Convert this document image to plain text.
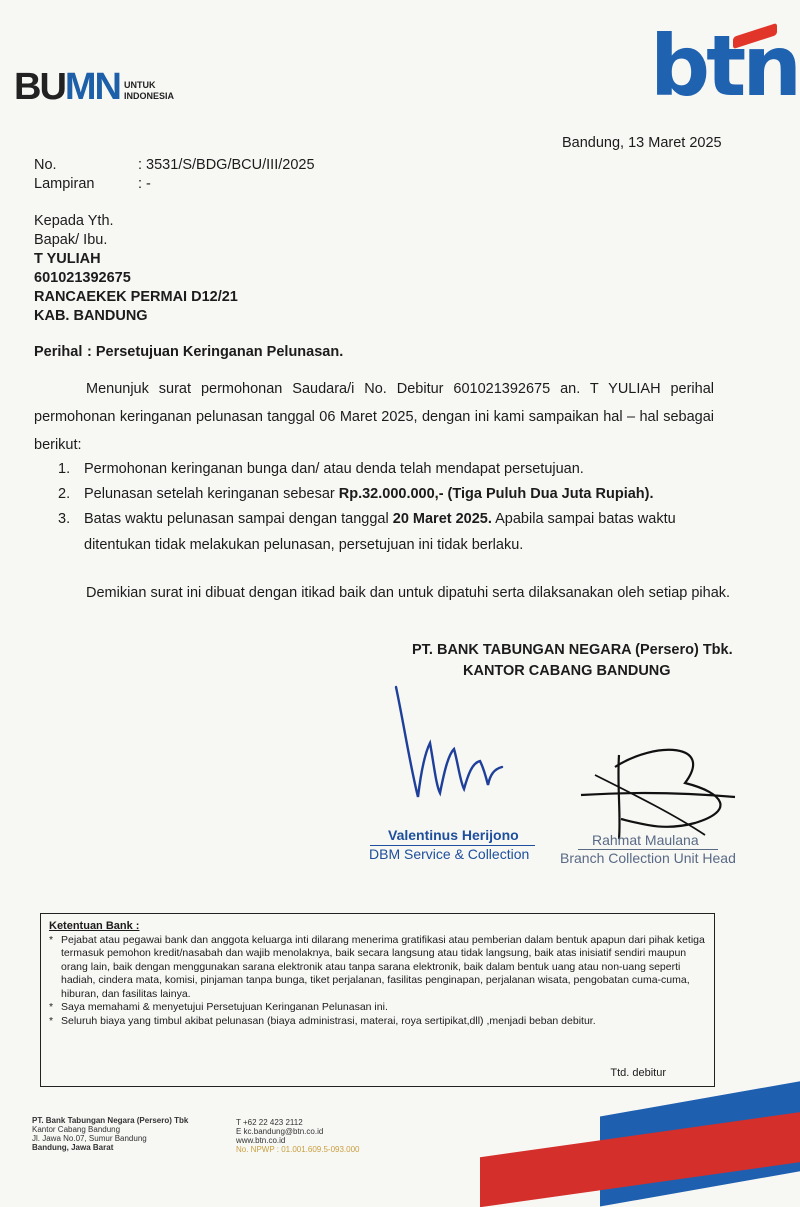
BUMN UNTUK
INDONESIA	btn
Bandung, 13 Maret 2025
No.	: 3531/S/BDG/BCU/III/2025
Lampiran	: -
Kepada Yth.
Bapak/ Ibu.
T YULIAH
601021392675
RANCAEKEK PERMAI D12/21
KAB. BANDUNG
Perihal : Persetujuan Keringanan Pelunasan.
Menunjuk surat permohonan Saudara/i No. Debitur 601021392675 an. T YULIAH perihal permohonan keringanan pelunasan tanggal 06 Maret 2025, dengan ini kami sampaikan hal – hal sebagai berikut:
1. Permohonan keringanan bunga dan/ atau denda telah mendapat persetujuan.
2. Pelunasan setelah keringanan sebesar Rp.32.000.000,- (Tiga Puluh Dua Juta Rupiah).
3. Batas waktu pelunasan sampai dengan tanggal 20 Maret 2025. Apabila sampai batas waktu ditentukan tidak melakukan pelunasan, persetujuan ini tidak berlaku.
Demikian surat ini dibuat dengan itikad baik dan untuk dipatuhi serta dilaksanakan oleh setiap pihak.
PT. BANK TABUNGAN NEGARA (Persero) Tbk.
KANTOR CABANG BANDUNG
Valentinus Herijono
DBM Service & Collection
Rahmat Maulana
Branch Collection Unit Head
Ketentuan Bank :
* Pejabat atau pegawai bank dan anggota keluarga inti dilarang menerima gratifikasi atau pemberian dalam bentuk apapun dari pihak ketiga termasuk pemohon kredit/nasabah dan wajib menolaknya, baik secara langsung atau tidak langsung, baik atas inisiatif sendiri maupun orang lain, baik dengan menggunakan sarana elektronik atau tanpa sarana elektronik, baik dalam bentuk uang atau non-uang seperti hadiah, cindera mata, komisi, pinjaman tanpa bunga, tiket perjalanan, fasilitas penginapan, perjalanan wisata, pengobatan cuma-cuma, hiburan, dan fasilitas lainya.
* Saya memahami & menyetujui Persetujuan Keringanan Pelunasan ini.
* Seluruh biaya yang timbul akibat pelunasan (biaya administrasi, materai, roya sertipikat,dll) ,menjadi beban debitur.
Ttd. debitur
PT. Bank Tabungan Negara (Persero) Tbk
Kantor Cabang Bandung
Jl. Jawa No.07, Sumur Bandung
Bandung, Jawa Barat
T +62 22 423 2112
E kc.bandung@btn.co.id
www.btn.co.id
No. NPWP : 01.001.609.5-093.000
